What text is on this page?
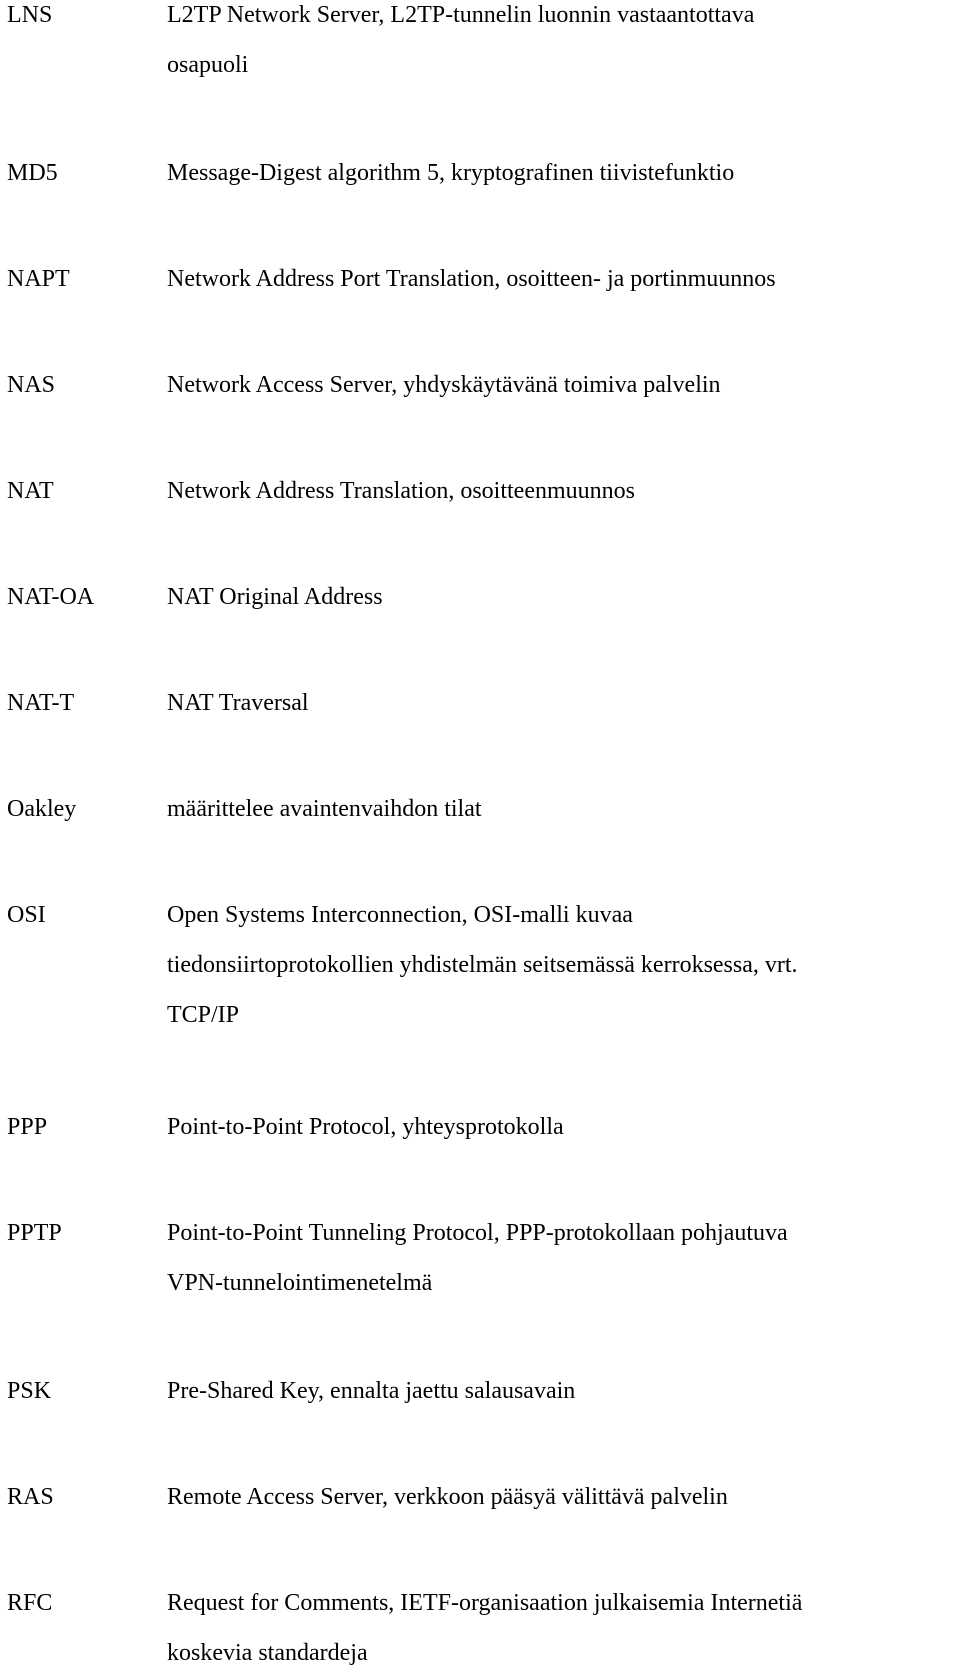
LNS	L2TP Network Server, L2TP-tunnelin luonnin vastaantottava
osapuoli
MD5	Message-Digest algorithm 5, kryptografinen tiivistefunktio
NAPT	Network Address Port Translation, osoitteen- ja portinmuunnos
NAS	Network Access Server, yhdyskäytävänä toimiva palvelin
NAT	Network Address Translation, osoitteenmuunnos
NAT-OA	NAT Original Address
NAT-T	NAT Traversal
Oakley	määrittelee avaintenvaihdon tilat
OSI	Open Systems Interconnection, OSI-malli kuvaa
tiedonsiirtoprotokollien yhdistelmän seitsemässä kerroksessa, vrt.
TCP/IP
PPP	Point-to-Point Protocol, yhteysprotokolla
PPTP	Point-to-Point Tunneling Protocol, PPP-protokollaan pohjautuva
VPN-tunnelointimenetelmä
PSK	Pre-Shared Key, ennalta jaettu salausavain
RAS	Remote Access Server, verkkoon pääsyä välittävä palvelin
RFC	Request for Comments, IETF-organisaation julkaisemia Internetiä
koskevia standardeja
